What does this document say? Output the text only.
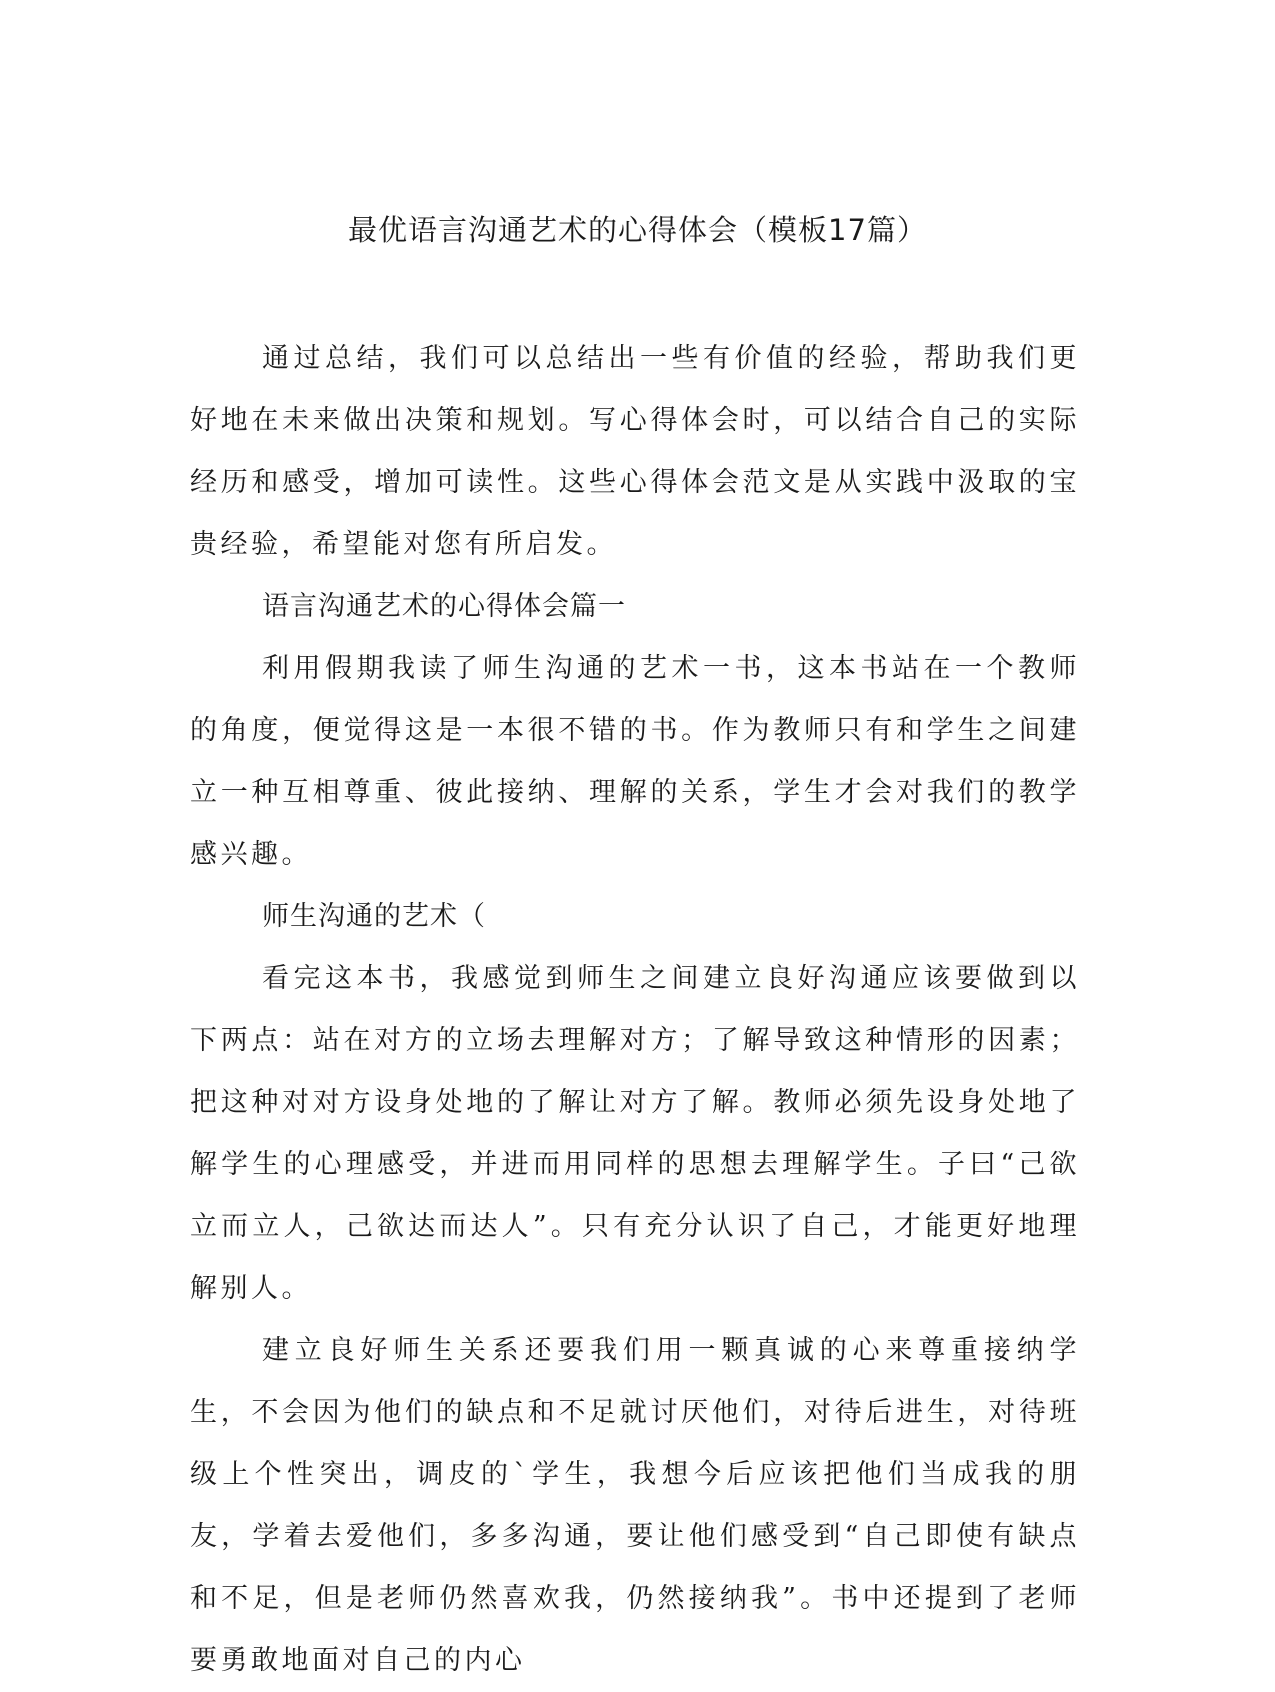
最优语言沟通艺术的心得体会（模板17篇）

通过总结，我们可以总结出一些有价值的经验，帮助我们更好地在未来做出决策和规划。写心得体会时，可以结合自己的实际经历和感受，增加可读性。这些心得体会范文是从实践中汲取的宝贵经验，希望能对您有所启发。

语言沟通艺术的心得体会篇一

利用假期我读了师生沟通的艺术一书，这本书站在一个教师的角度，便觉得这是一本很不错的书。作为教师只有和学生之间建立一种互相尊重、彼此接纳、理解的关系，学生才会对我们的教学感兴趣。

师生沟通的艺术（

看完这本书，我感觉到师生之间建立良好沟通应该要做到以下两点：站在对方的立场去理解对方；了解导致这种情形的因素；把这种对对方设身处地的了解让对方了解。教师必须先设身处地了解学生的心理感受，并进而用同样的思想去理解学生。子曰“己欲立而立人，己欲达而达人”。只有充分认识了自己，才能更好地理解别人。

建立良好师生关系还要我们用一颗真诚的心来尊重接纳学生，不会因为他们的缺点和不足就讨厌他们，对待后进生，对待班级上个性突出，调皮的`学生，我想今后应该把他们当成我的朋友，学着去爱他们，多多沟通，要让他们感受到“自己即使有缺点和不足，但是老师仍然喜欢我，仍然接纳我”。书中还提到了老师要勇敢地面对自己的内心
